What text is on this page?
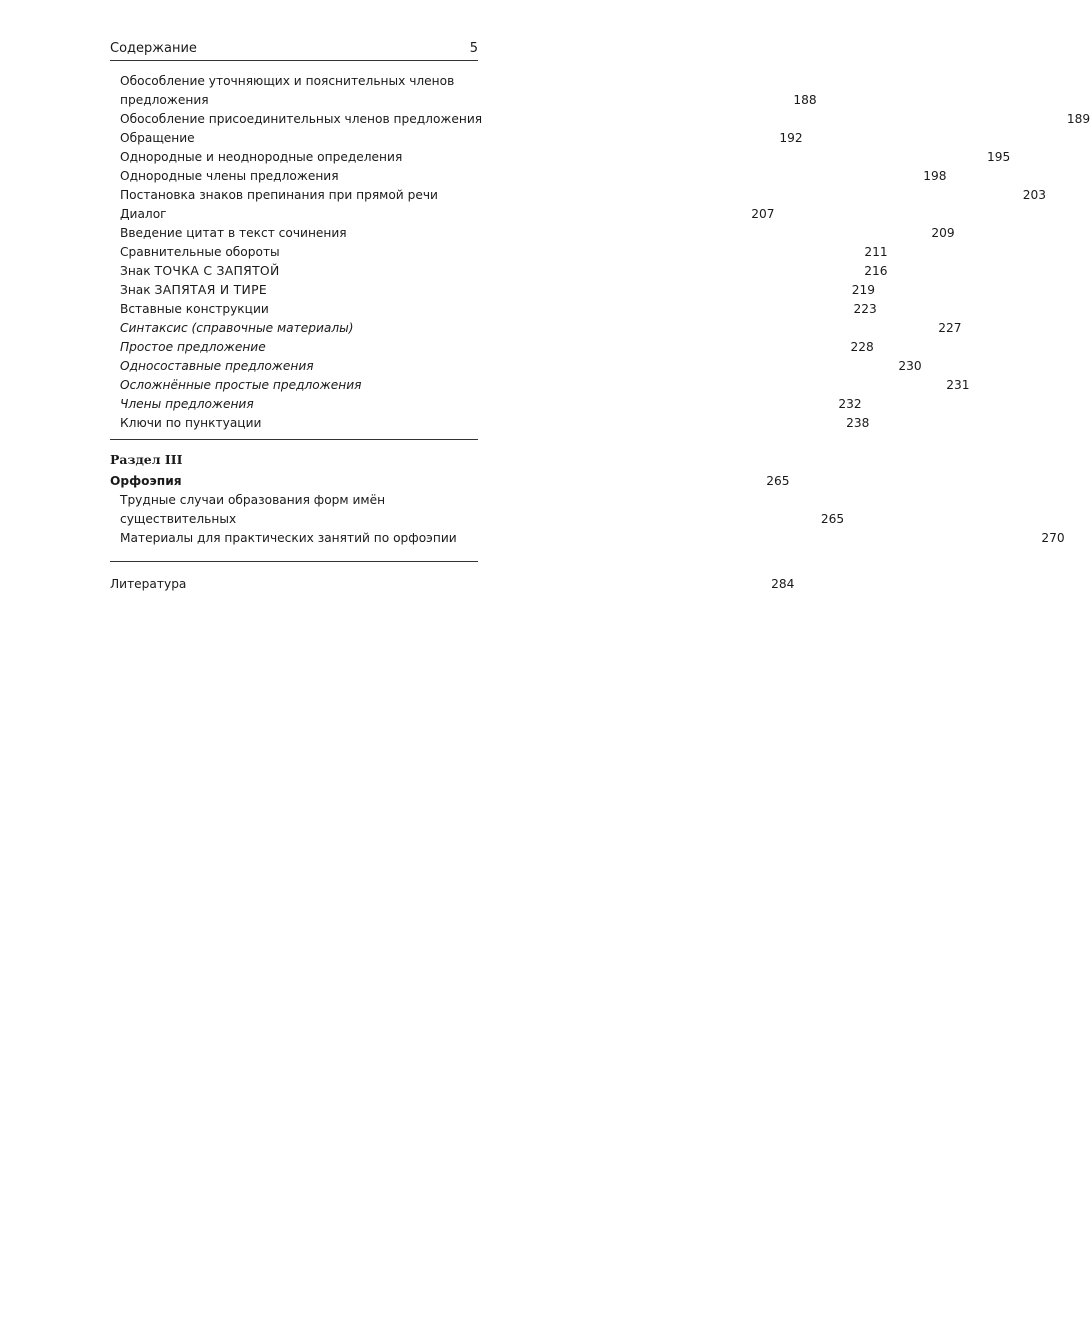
Содержание	5
Обособление уточняющих и пояснительных членов
предложения	188
Обособление присоединительных членов предложения	189
Обращение	192
Однородные и неоднородные определения	195
Однородные члены предложения	198
Постановка знаков препинания при прямой речи	203
Диалог	207
Введение цитат в текст сочинения	209
Сравнительные обороты	211
Знак ТОЧКА С ЗАПЯТОЙ	216
Знак ЗАПЯТАЯ И ТИРЕ	219
Вставные конструкции	223
Синтаксис (справочные материалы)	227
Простое предложение	228
Односоставные предложения	230
Осложнённые простые предложения	231
Члены предложения	232
Ключи по пунктуации	238
Раздел III
Орфоэпия	265
Трудные случаи образования форм имён
существительных	265
Материалы для практических занятий по орфоэпии	270
Литература	284
